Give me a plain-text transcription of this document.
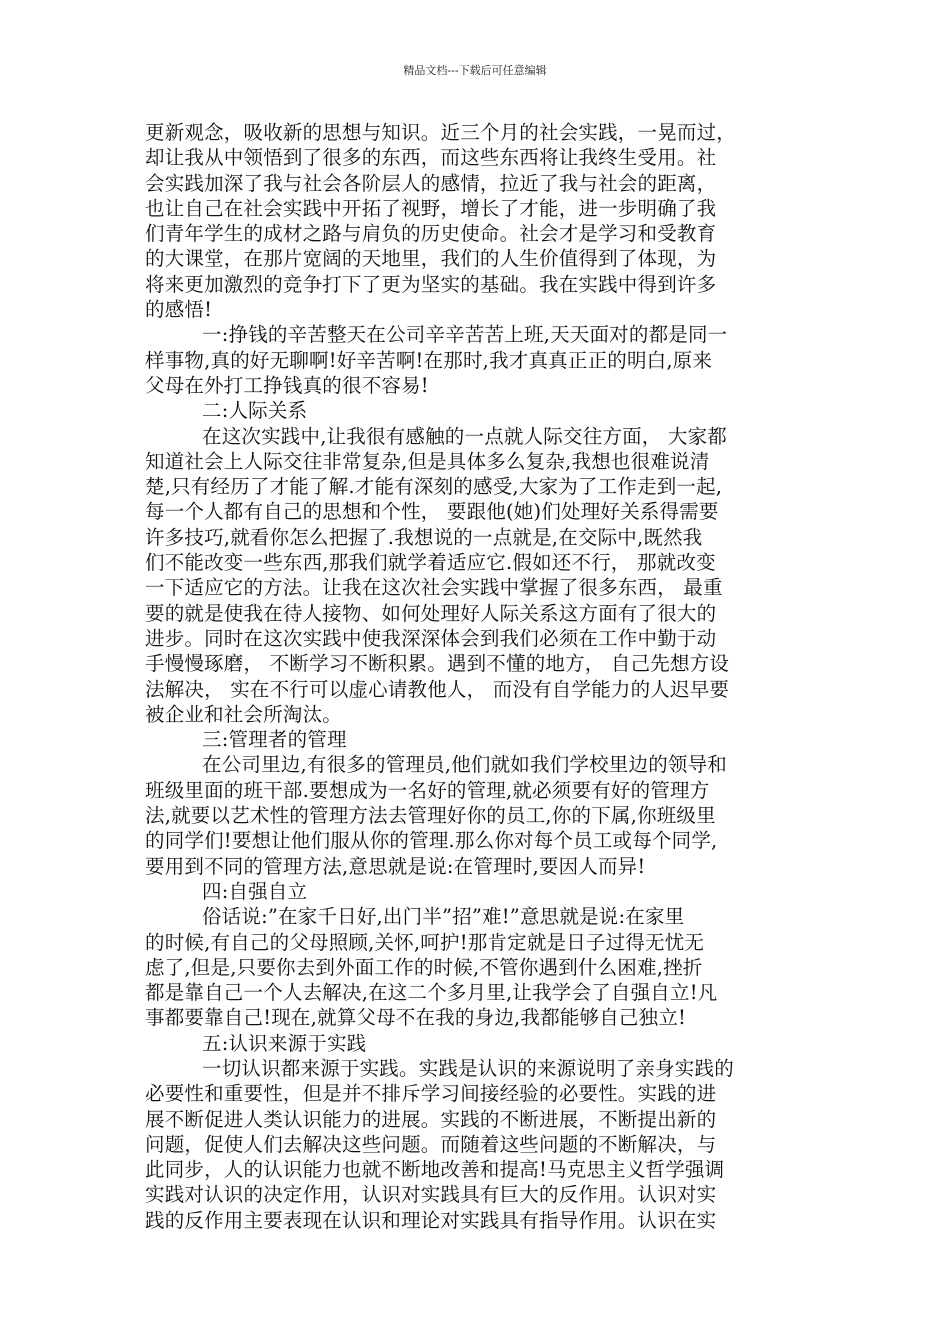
精品文档---下载后可任意编辑
更新观念，吸收新的思想与知识。近三个月的社会实践，一晃而过，
却让我从中领悟到了很多的东西，而这些东西将让我终生受用。社
会实践加深了我与社会各阶层人的感情，拉近了我与社会的距离，
也让自己在社会实践中开拓了视野，增长了才能，进一步明确了我
们青年学生的成材之路与肩负的历史使命。社会才是学习和受教育
的大课堂，在那片宽阔的天地里，我们的人生价值得到了体现，为
将来更加激烈的竞争打下了更为坚实的基础。我在实践中得到许多
的感悟!
一:挣钱的辛苦整天在公司辛辛苦苦上班,天天面对的都是同一
样事物,真的好无聊啊!好辛苦啊!在那时,我才真真正正的明白,原来
父母在外打工挣钱真的很不容易!
二:人际关系
在这次实践中,让我很有感触的一点就人际交往方面， 大家都
知道社会上人际交往非常复杂,但是具体多么复杂,我想也很难说清
楚,只有经历了才能了解.才能有深刻的感受,大家为了工作走到一起,
每一个人都有自己的思想和个性， 要跟他(她)们处理好关系得需要
许多技巧,就看你怎么把握了.我想说的一点就是,在交际中,既然我
们不能改变一些东西,那我们就学着适应它.假如还不行， 那就改变
一下适应它的方法。让我在这次社会实践中掌握了很多东西， 最重
要的就是使我在待人接物、如何处理好人际关系这方面有了很大的
进步。同时在这次实践中使我深深体会到我们必须在工作中勤于动
手慢慢琢磨， 不断学习不断积累。遇到不懂的地方， 自己先想方设
法解决， 实在不行可以虚心请教他人， 而没有自学能力的人迟早要
被企业和社会所淘汰。
三:管理者的管理
在公司里边,有很多的管理员,他们就如我们学校里边的领导和
班级里面的班干部.要想成为一名好的管理,就必须要有好的管理方
法,就要以艺术性的管理方法去管理好你的员工,你的下属,你班级里
的同学们!要想让他们服从你的管理.那么你对每个员工或每个同学,
要用到不同的管理方法,意思就是说:在管理时,要因人而异!
四:自强自立
俗话说:”在家千日好,出门半”招”难!”意思就是说:在家里
的时候,有自己的父母照顾,关怀,呵护!那肯定就是日子过得无忧无
虑了,但是,只要你去到外面工作的时候,不管你遇到什么困难,挫折
都是靠自己一个人去解决,在这二个多月里,让我学会了自强自立!凡
事都要靠自己!现在,就算父母不在我的身边,我都能够自己独立!
五:认识来源于实践
一切认识都来源于实践。实践是认识的来源说明了亲身实践的
必要性和重要性，但是并不排斥学习间接经验的必要性。实践的进
展不断促进人类认识能力的进展。实践的不断进展，不断提出新的
问题，促使人们去解决这些问题。而随着这些问题的不断解决，与
此同步，人的认识能力也就不断地改善和提高!马克思主义哲学强调
实践对认识的决定作用，认识对实践具有巨大的反作用。认识对实
践的反作用主要表现在认识和理论对实践具有指导作用。认识在实
